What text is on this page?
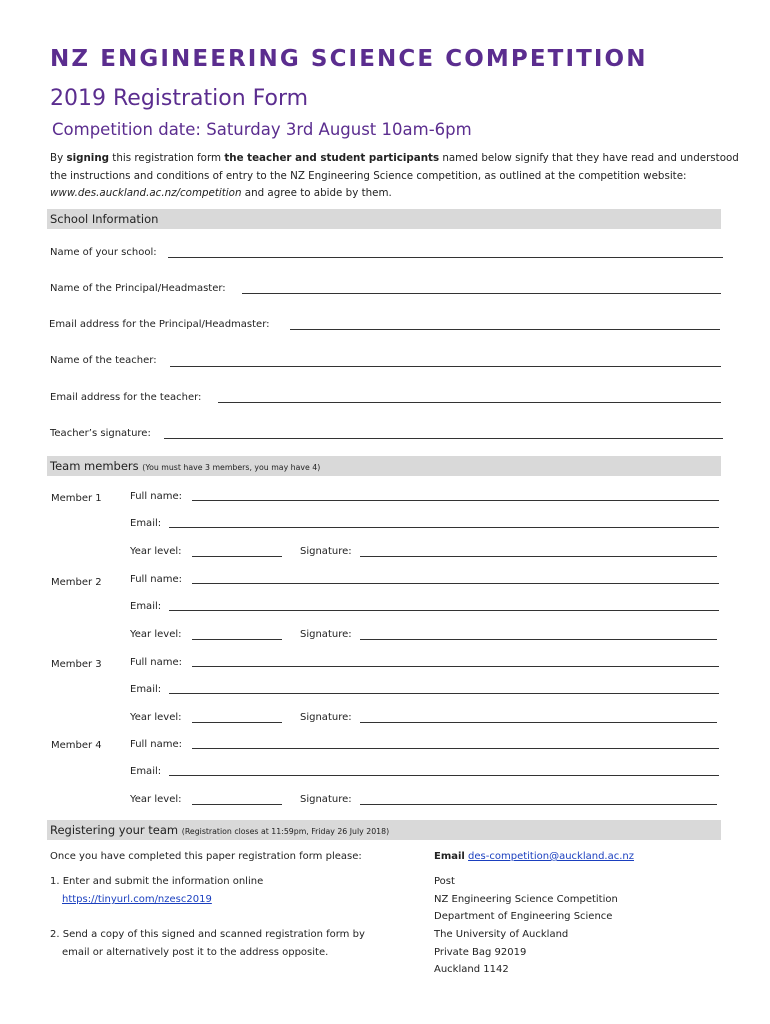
NZ ENGINEERING SCIENCE COMPETITION
2019 Registration Form
Competition date: Saturday 3rd August 10am-6pm
By signing this registration form the teacher and student participants named below signify that they have read and understood the instructions and conditions of entry to the NZ Engineering Science competition, as outlined at the competition website: www.des.auckland.ac.nz/competition and agree to abide by them.
School Information
Name of your school:
Name of the Principal/Headmaster:
Email address for the Principal/Headmaster:
Name of the teacher:
Email address for the teacher:
Teacher’s signature:
Team members (You must have 3 members, you may have 4)
Member 1	Full name:
Email:
Year level:	Signature:
Member 2	Full name:
Email:
Year level:	Signature:
Member 3	Full name:
Email:
Year level:	Signature:
Member 4	Full name:
Email:
Year level:	Signature:
Registering your team (Registration closes at 11:59pm, Friday 26 July 2018)
Once you have completed this paper registration form please:
1. Enter and submit the information online
https://tinyurl.com/nzesc2019
2. Send a copy of this signed and scanned registration form by
email or alternatively post it to the address opposite.
Email des-competition@auckland.ac.nz
Post
NZ Engineering Science Competition
Department of Engineering Science
The University of Auckland
Private Bag 92019
Auckland 1142
